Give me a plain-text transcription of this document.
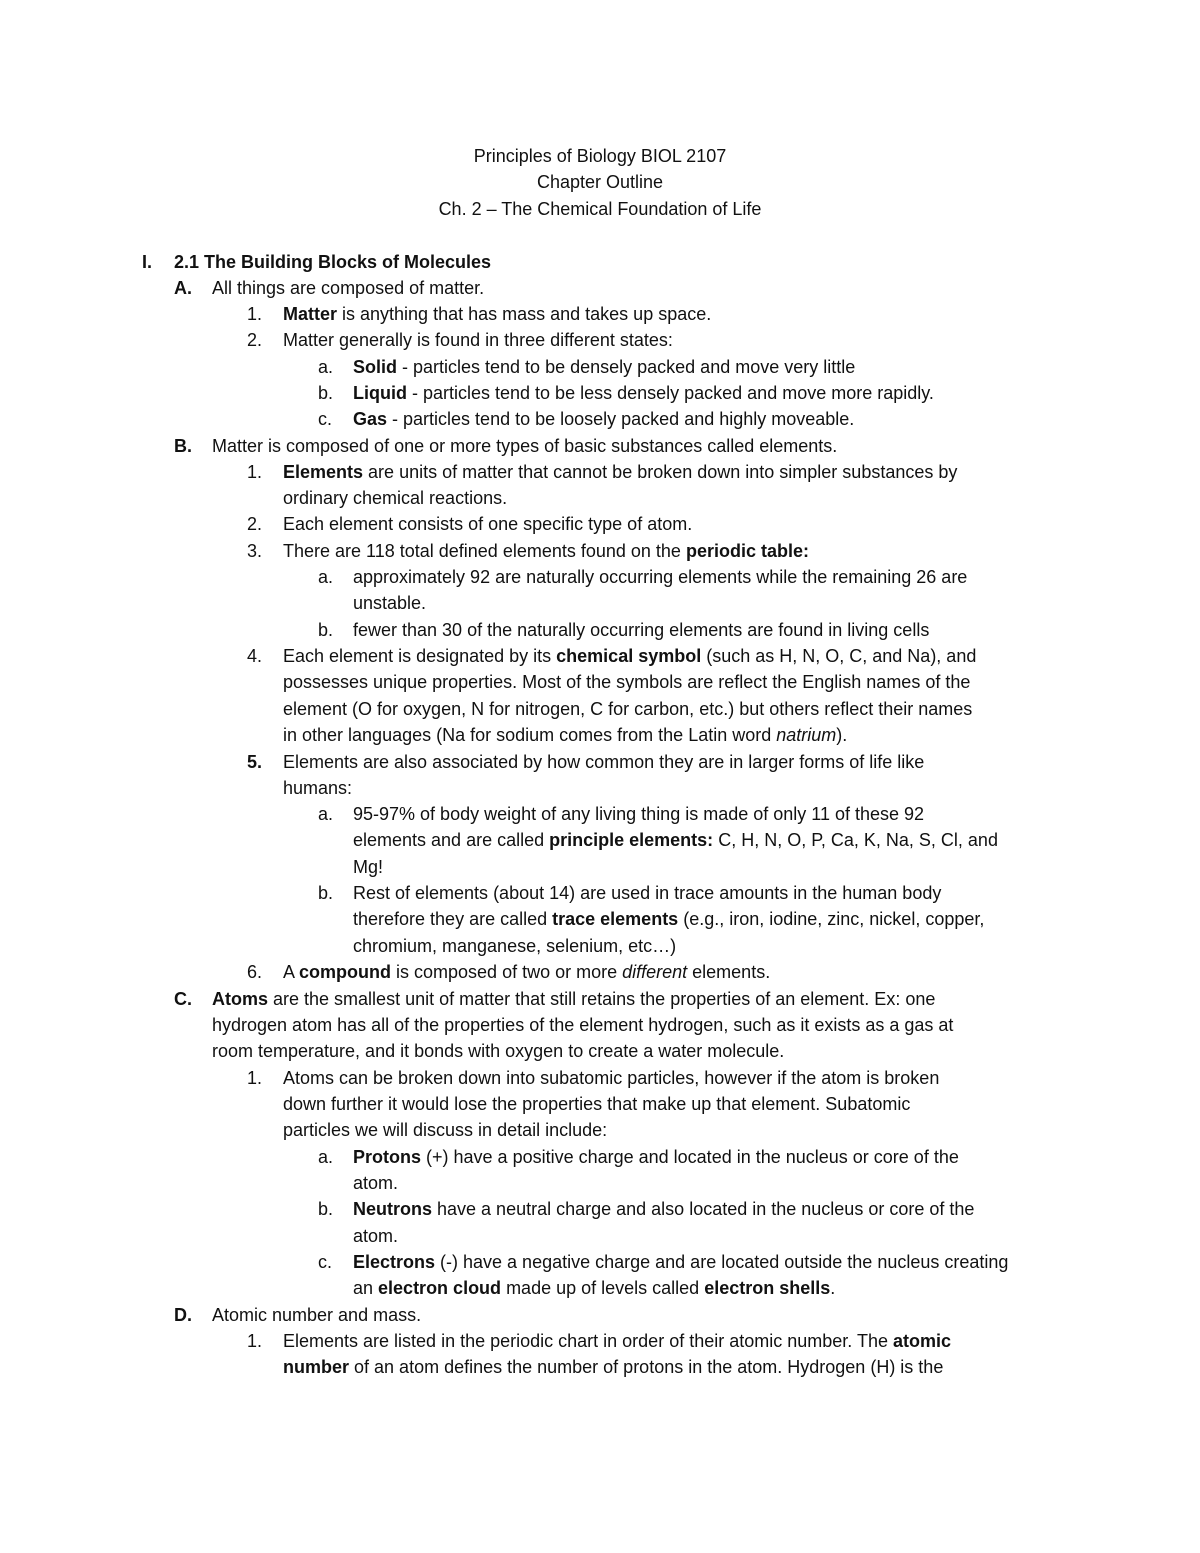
Principles of Biology BIOL 2107
Chapter Outline
Ch. 2 – The Chemical Foundation of Life
I. 2.1 The Building Blocks of Molecules
A. All things are composed of matter.
1. Matter is anything that has mass and takes up space.
2. Matter generally is found in three different states:
a. Solid - particles tend to be densely packed and move very little
b. Liquid - particles tend to be less densely packed and move more rapidly.
c. Gas - particles tend to be loosely packed and highly moveable.
B. Matter is composed of one or more types of basic substances called elements.
1. Elements are units of matter that cannot be broken down into simpler substances by
ordinary chemical reactions.
2. Each element consists of one specific type of atom.
3. There are 118 total defined elements found on the periodic table:
a. approximately 92 are naturally occurring elements while the remaining 26 are
unstable.
b. fewer than 30 of the naturally occurring elements are found in living cells
4. Each element is designated by its chemical symbol (such as H, N, O, C, and Na), and
possesses unique properties. Most of the symbols are reflect the English names of the
element (O for oxygen, N for nitrogen, C for carbon, etc.) but others reflect their names
in other languages (Na for sodium comes from the Latin word natrium).
5. Elements are also associated by how common they are in larger forms of life like
humans:
a. 95-97% of body weight of any living thing is made of only 11 of these 92
elements and are called principle elements: C, H, N, O, P, Ca, K, Na, S, Cl, and
Mg!
b. Rest of elements (about 14) are used in trace amounts in the human body
therefore they are called trace elements (e.g., iron, iodine, zinc, nickel, copper,
chromium, manganese, selenium, etc…)
6. A compound is composed of two or more different elements.
C. Atoms are the smallest unit of matter that still retains the properties of an element. Ex: one
hydrogen atom has all of the properties of the element hydrogen, such as it exists as a gas at
room temperature, and it bonds with oxygen to create a water molecule.
1. Atoms can be broken down into subatomic particles, however if the atom is broken
down further it would lose the properties that make up that element. Subatomic
particles we will discuss in detail include:
a. Protons (+) have a positive charge and located in the nucleus or core of the
atom.
b. Neutrons have a neutral charge and also located in the nucleus or core of the
atom.
c. Electrons (-) have a negative charge and are located outside the nucleus creating
an electron cloud made up of levels called electron shells.
D. Atomic number and mass.
1. Elements are listed in the periodic chart in order of their atomic number. The atomic
number of an atom defines the number of protons in the atom. Hydrogen (H) is the
